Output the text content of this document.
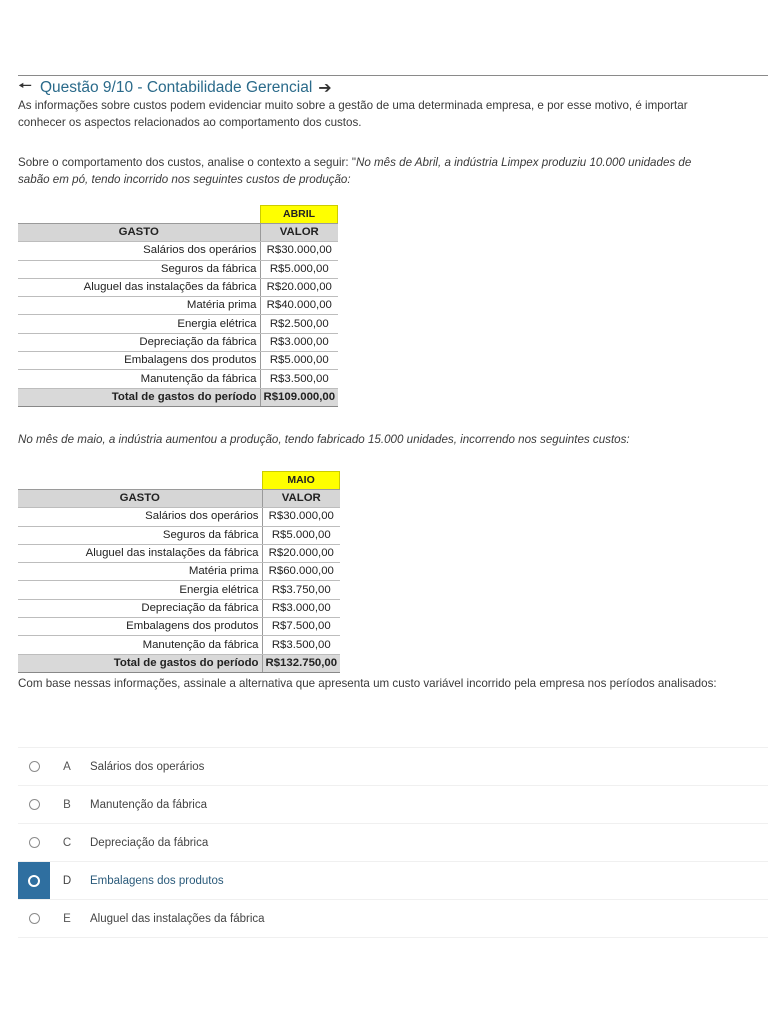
🠔 Questão 9/10 - Contabilidade Gerencial ➔

As informações sobre custos podem evidenciar muito sobre a gestão de uma determinada empresa, e por esse motivo, é importar

conhecer os aspectos relacionados ao comportamento dos custos.

Sobre o comportamento dos custos, analise o contexto a seguir: "No mês de Abril, a indústria Limpex produziu 10.000 unidades de

sabão em pó, tendo incorrido nos seguintes custos de produção:

	ABRIL

GASTO	VALOR
Salários dos operários	R$30.000,00
Seguros da fábrica	R$5.000,00
Aluguel das instalações da fábrica	R$20.000,00
Matéria prima	R$40.000,00
Energia elétrica	R$2.500,00
Depreciação da fábrica	R$3.000,00
Embalagens dos produtos	R$5.000,00
Manutenção da fábrica	R$3.500,00
Total de gastos do período	R$109.000,00
No mês de maio, a indústria aumentou a produção, tendo fabricado 15.000 unidades, incorrendo nos seguintes custos:

	MAIO

GASTO	VALOR
Salários dos operários	R$30.000,00
Seguros da fábrica	R$5.000,00
Aluguel das instalações da fábrica	R$20.000,00
Matéria prima	R$60.000,00
Energia elétrica	R$3.750,00
Depreciação da fábrica	R$3.000,00
Embalagens dos produtos	R$7.500,00
Manutenção da fábrica	R$3.500,00
Total de gastos do período	R$132.750,00
Com base nessas informações, assinale a alternativa que apresenta um custo variável incorrido pela empresa nos períodos analisados:
A	Salários dos operários
B	Manutenção da fábrica
C	Depreciação da fábrica
D	Embalagens dos produtos
E	Aluguel das instalações da fábrica
